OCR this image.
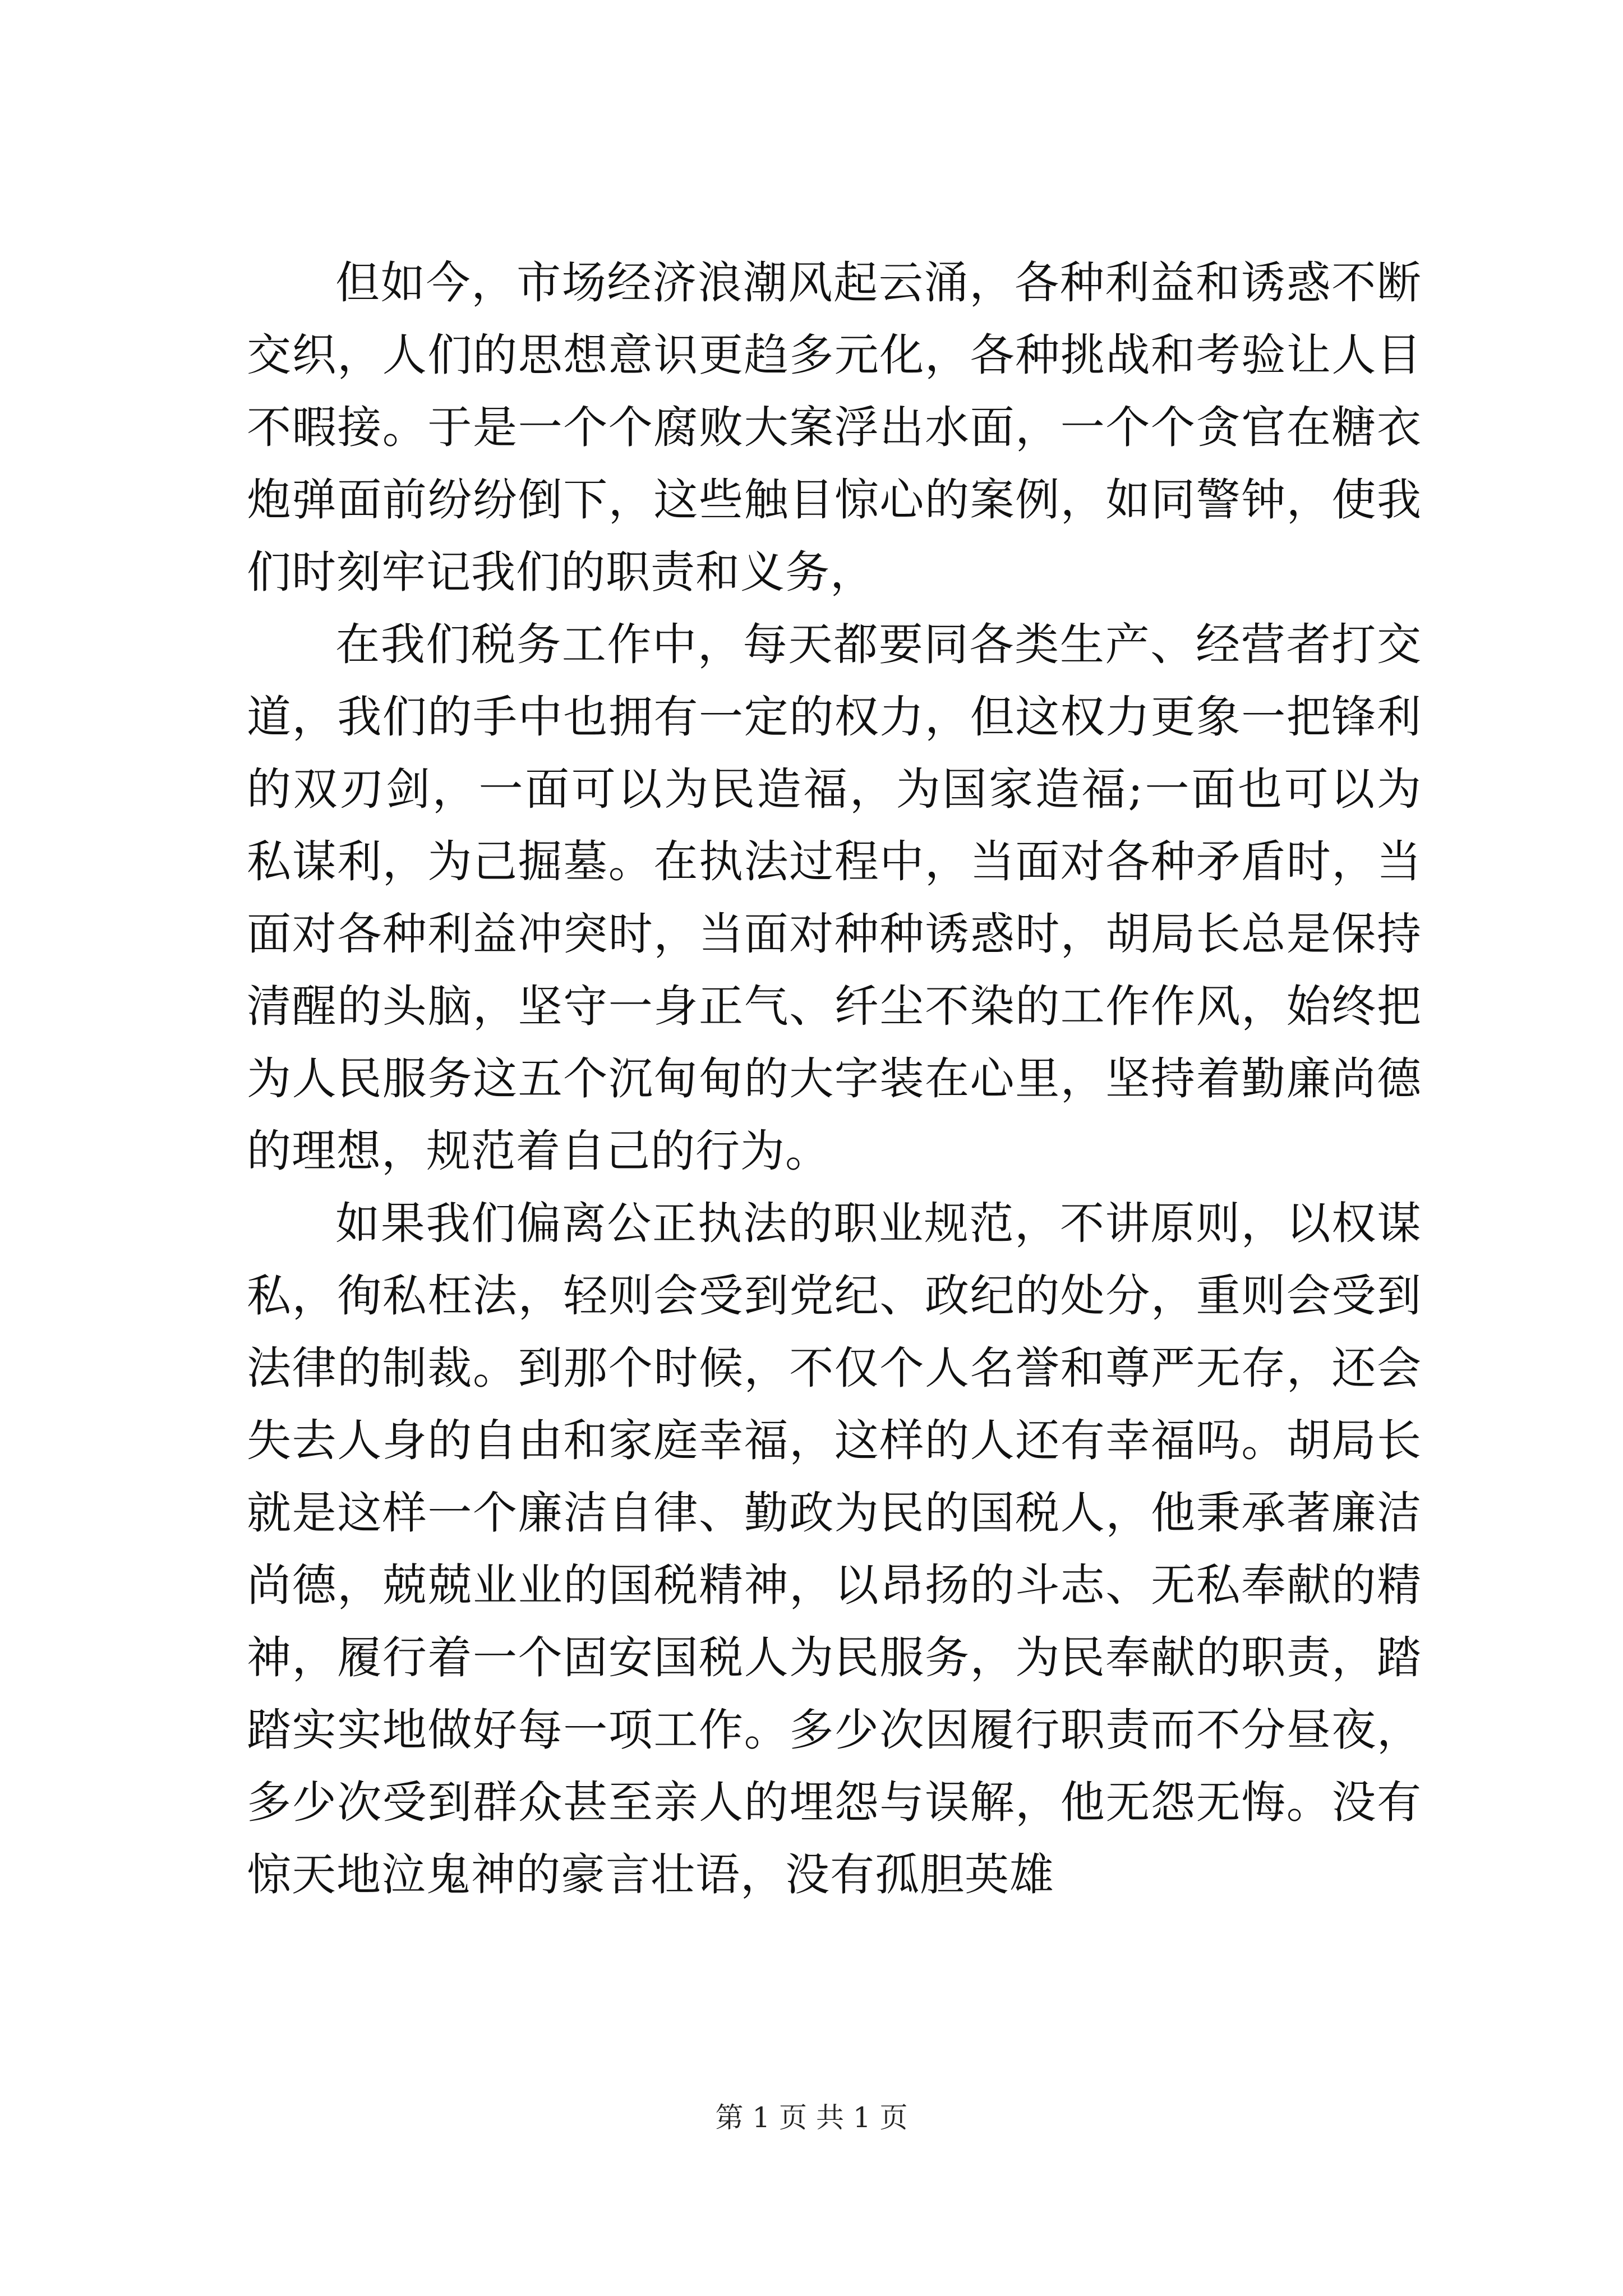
但如今，市场经济浪潮风起云涌，各种利益和诱惑不断交织，人们的思想意识更趋多元化，各种挑战和考验让人目不暇接。于是一个个腐败大案浮出水面，一个个贪官在糖衣炮弹面前纷纷倒下，这些触目惊心的案例，如同警钟，使我们时刻牢记我们的职责和义务，

在我们税务工作中，每天都要同各类生产、经营者打交道，我们的手中也拥有一定的权力，但这权力更象一把锋利的双刃剑，一面可以为民造福，为国家造福;一面也可以为私谋利，为己掘墓。在执法过程中，当面对各种矛盾时，当面对各种利益冲突时，当面对种种诱惑时，胡局长总是保持清醒的头脑，坚守一身正气、纤尘不染的工作作风，始终把为人民服务这五个沉甸甸的大字装在心里，坚持着勤廉尚德的理想，规范着自己的行为。

如果我们偏离公正执法的职业规范，不讲原则，以权谋私，徇私枉法，轻则会受到党纪、政纪的处分，重则会受到法律的制裁。到那个时候，不仅个人名誉和尊严无存，还会失去人身的自由和家庭幸福，这样的人还有幸福吗。胡局长就是这样一个廉洁自律、勤政为民的国税人，他秉承著廉洁尚德，兢兢业业的国税精神，以昂扬的斗志、无私奉献的精神，履行着一个固安国税人为民服务，为民奉献的职责，踏踏实实地做好每一项工作。多少次因履行职责而不分昼夜，多少次受到群众甚至亲人的埋怨与误解，他无怨无悔。没有惊天地泣鬼神的豪言壮语，没有孤胆英雄

第 1 页 共 1 页
